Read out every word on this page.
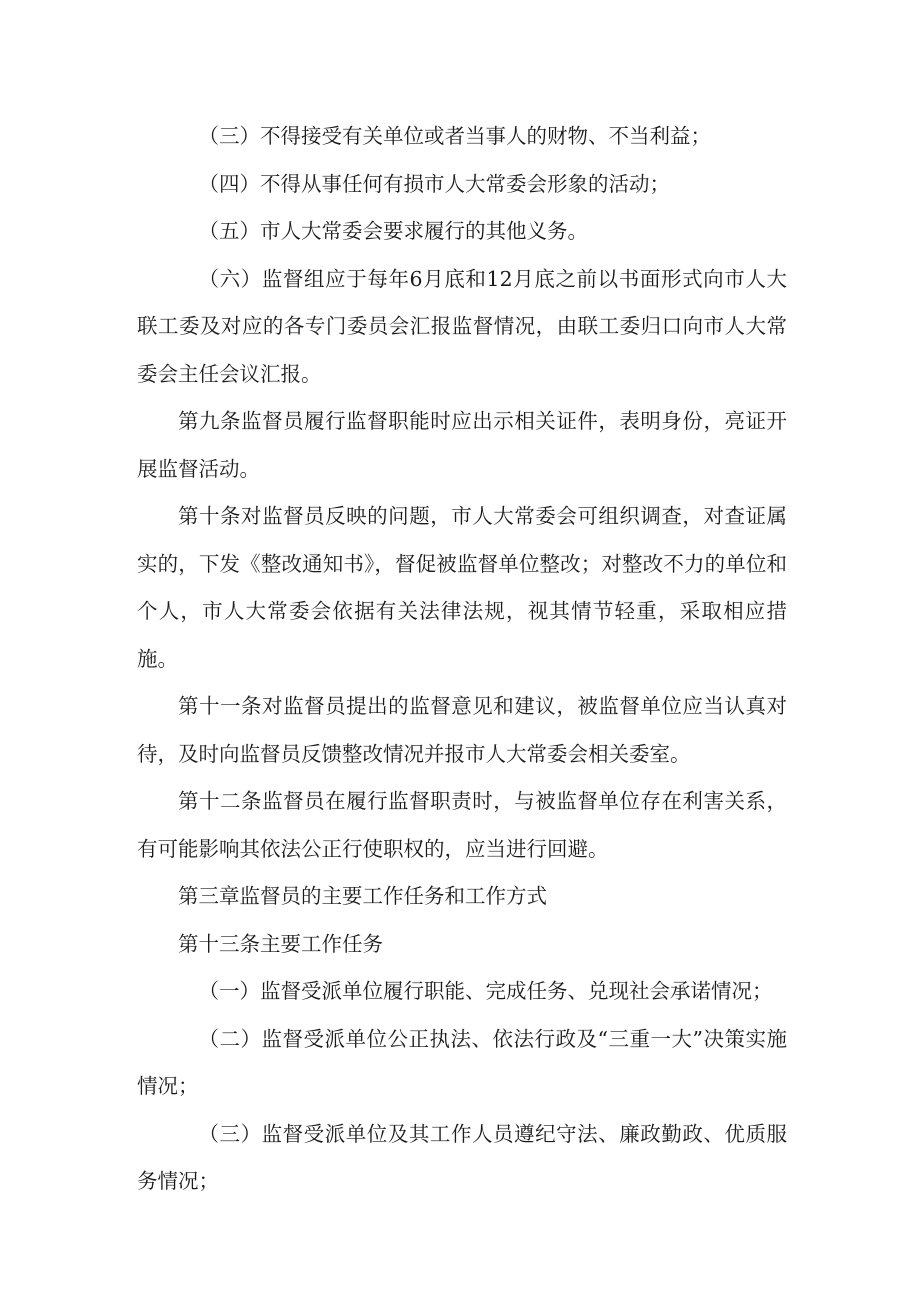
（三）不得接受有关单位或者当事人的财物、不当利益；

（四）不得从事任何有损市人大常委会形象的活动；

（五）市人大常委会要求履行的其他义务。

（六）监督组应于每年6月底和12月底之前以书面形式向市人大联工委及对应的各专门委员会汇报监督情况，由联工委归口向市人大常委会主任会议汇报。

第九条监督员履行监督职能时应出示相关证件，表明身份，亮证开展监督活动。

第十条对监督员反映的问题，市人大常委会可组织调查，对查证属实的，下发《整改通知书》，督促被监督单位整改；对整改不力的单位和个人，市人大常委会依据有关法律法规，视其情节轻重，采取相应措施。

第十一条对监督员提出的监督意见和建议，被监督单位应当认真对待，及时向监督员反馈整改情况并报市人大常委会相关委室。

第十二条监督员在履行监督职责时，与被监督单位存在利害关系，有可能影响其依法公正行使职权的，应当进行回避。

第三章监督员的主要工作任务和工作方式

第十三条主要工作任务

（一）监督受派单位履行职能、完成任务、兑现社会承诺情况；

（二）监督受派单位公正执法、依法行政及“三重一大”决策实施情况；

（三）监督受派单位及其工作人员遵纪守法、廉政勤政、优质服务情况；
